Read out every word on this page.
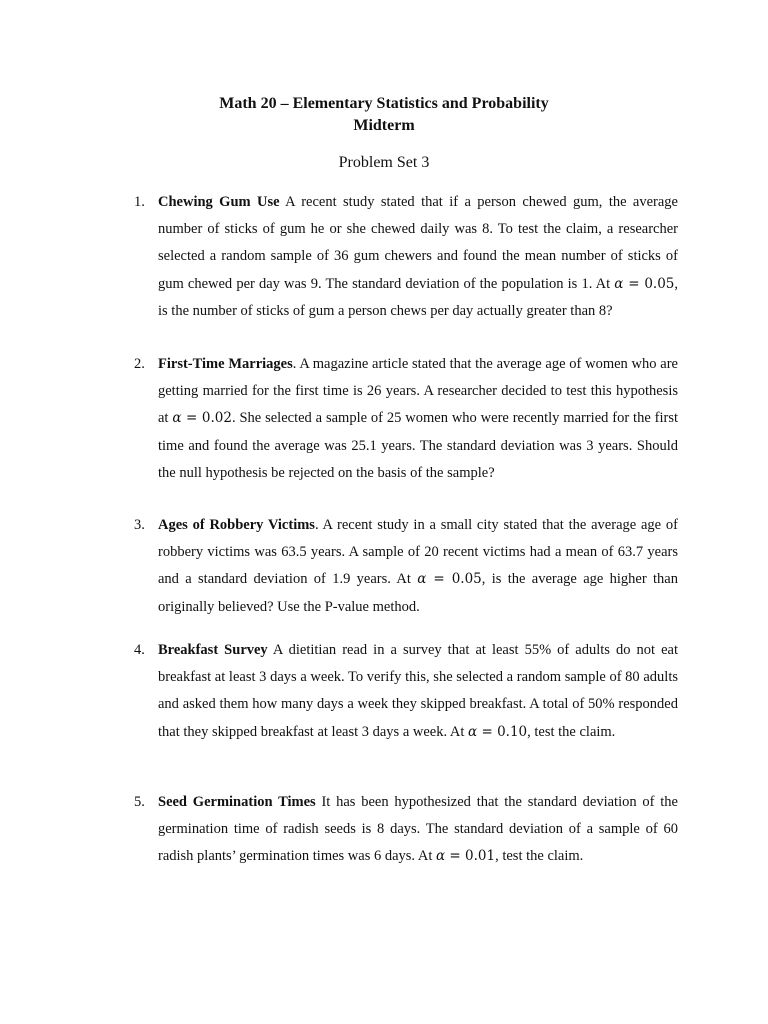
Math 20 – Elementary Statistics and Probability
Midterm
Problem Set 3
1. Chewing Gum Use A recent study stated that if a person chewed gum, the average number of sticks of gum he or she chewed daily was 8. To test the claim, a researcher selected a random sample of 36 gum chewers and found the mean number of sticks of gum chewed per day was 9. The standard deviation of the population is 1. At α = 0.05, is the number of sticks of gum a person chews per day actually greater than 8?
2. First-Time Marriages. A magazine article stated that the average age of women who are getting married for the first time is 26 years. A researcher decided to test this hypothesis at α = 0.02. She selected a sample of 25 women who were recently married for the first time and found the average was 25.1 years. The standard deviation was 3 years. Should the null hypothesis be rejected on the basis of the sample?
3. Ages of Robbery Victims. A recent study in a small city stated that the average age of robbery victims was 63.5 years. A sample of 20 recent victims had a mean of 63.7 years and a standard deviation of 1.9 years. At α = 0.05, is the average age higher than originally believed? Use the P-value method.
4. Breakfast Survey A dietitian read in a survey that at least 55% of adults do not eat breakfast at least 3 days a week. To verify this, she selected a random sample of 80 adults and asked them how many days a week they skipped breakfast. A total of 50% responded that they skipped breakfast at least 3 days a week. At α = 0.10, test the claim.
5. Seed Germination Times It has been hypothesized that the standard deviation of the germination time of radish seeds is 8 days. The standard deviation of a sample of 60 radish plants’ germination times was 6 days. At α = 0.01, test the claim.
